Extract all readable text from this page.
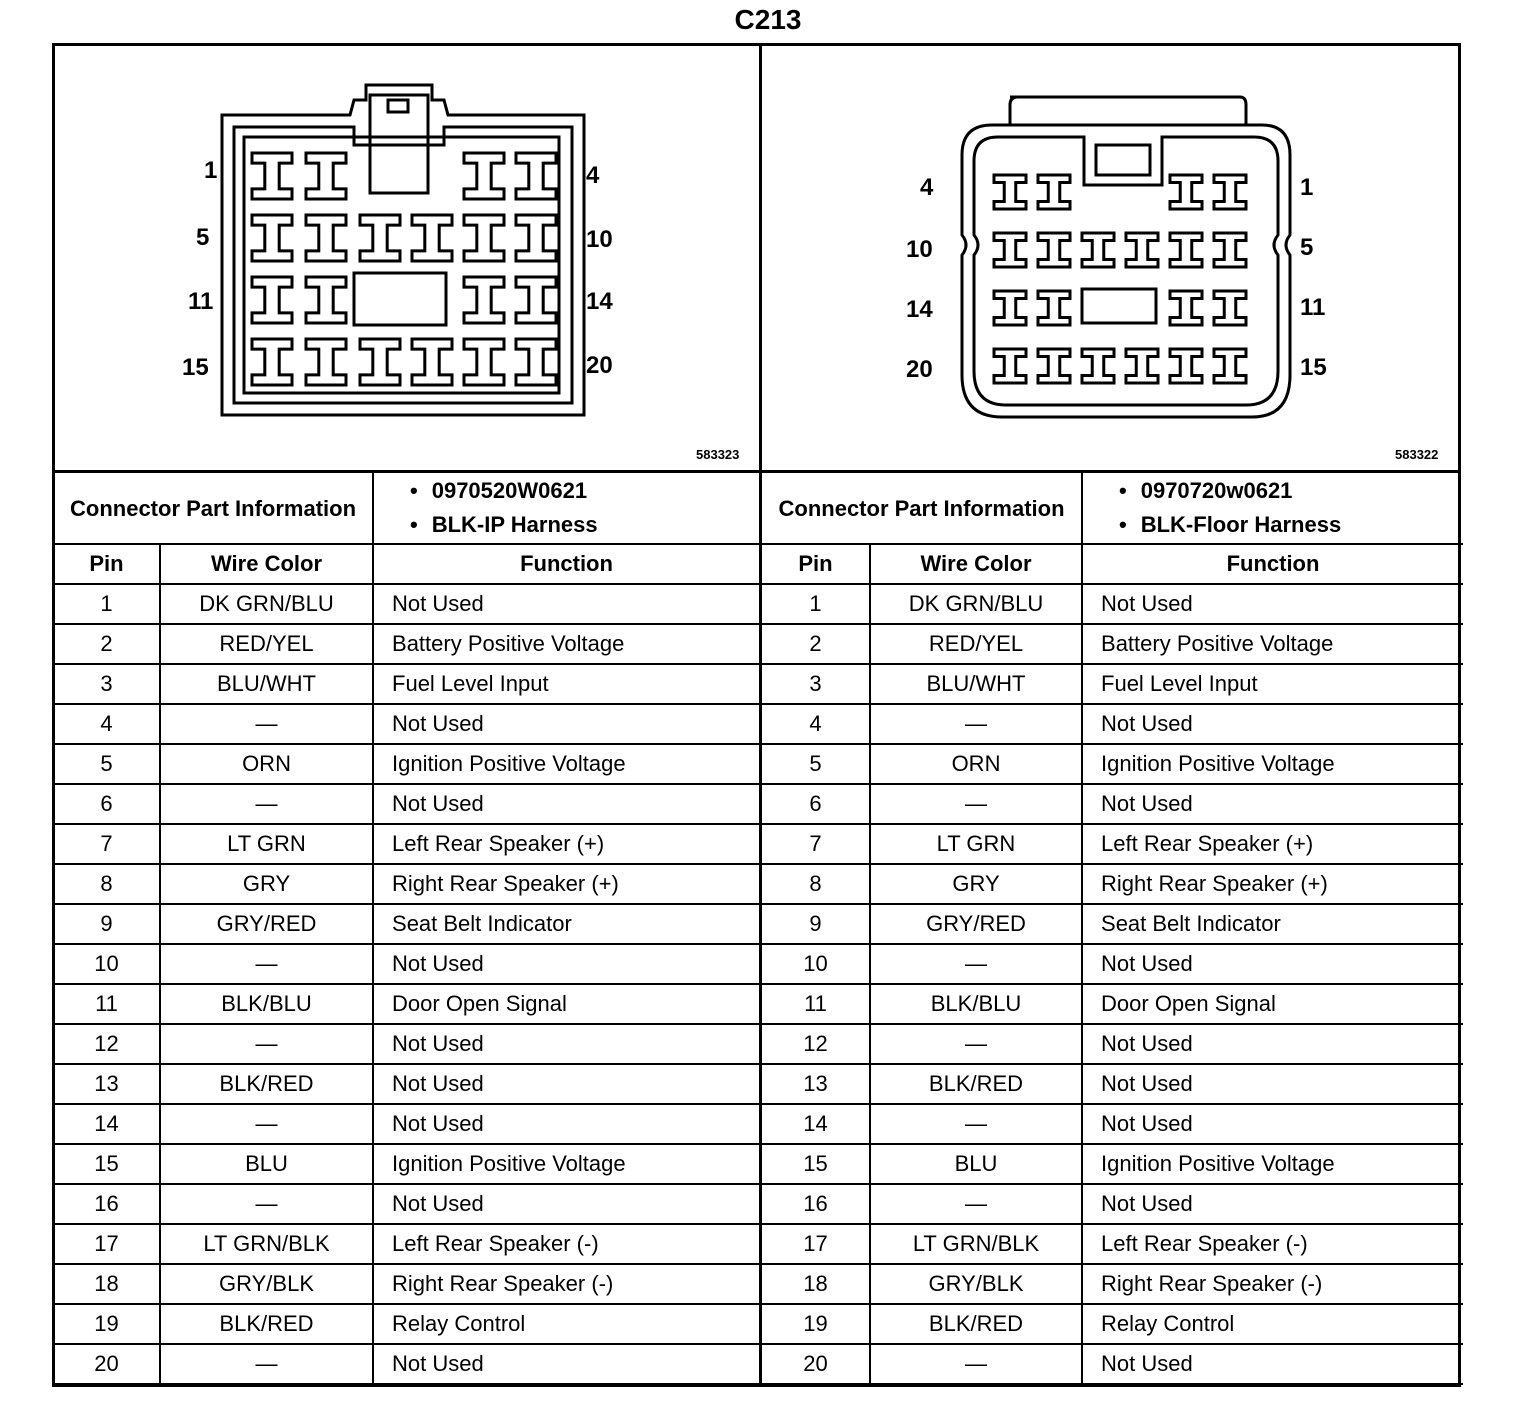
C213
1	4
5	10
11	14
15	20
583323
4	1
10	5
14	11
20	15
583322
Connector Part Information		• 0970520W0621
• BLK-IP Harness

Pin	Wire Color	Function
1	DK GRN/BLU	Not Used
2	RED/YEL	Battery Positive Voltage
3	BLU/WHT	Fuel Level Input
4	—	Not Used
5	ORN	Ignition Positive Voltage
6	—	Not Used
7	LT GRN	Left Rear Speaker (+)
8	GRY	Right Rear Speaker (+)
9	GRY/RED	Seat Belt Indicator
10	—	Not Used
11	BLK/BLU	Door Open Signal
12	—	Not Used
13	BLK/RED	Not Used
14	—	Not Used
15	BLU	Ignition Positive Voltage
16	—	Not Used
17	LT GRN/BLK	Left Rear Speaker (-)
18	GRY/BLK	Right Rear Speaker (-)
19	BLK/RED	Relay Control
20	—	Not Used
Connector Part Information		• 0970720w0621
• BLK-Floor Harness

Pin	Wire Color	Function
1	DK GRN/BLU	Not Used
2	RED/YEL	Battery Positive Voltage
3	BLU/WHT	Fuel Level Input
4	—	Not Used
5	ORN	Ignition Positive Voltage
6	—	Not Used
7	LT GRN	Left Rear Speaker (+)
8	GRY	Right Rear Speaker (+)
9	GRY/RED	Seat Belt Indicator
10	—	Not Used
11	BLK/BLU	Door Open Signal
12	—	Not Used
13	BLK/RED	Not Used
14	—	Not Used
15	BLU	Ignition Positive Voltage
16	—	Not Used
17	LT GRN/BLK	Left Rear Speaker (-)
18	GRY/BLK	Right Rear Speaker (-)
19	BLK/RED	Relay Control
20	—	Not Used
